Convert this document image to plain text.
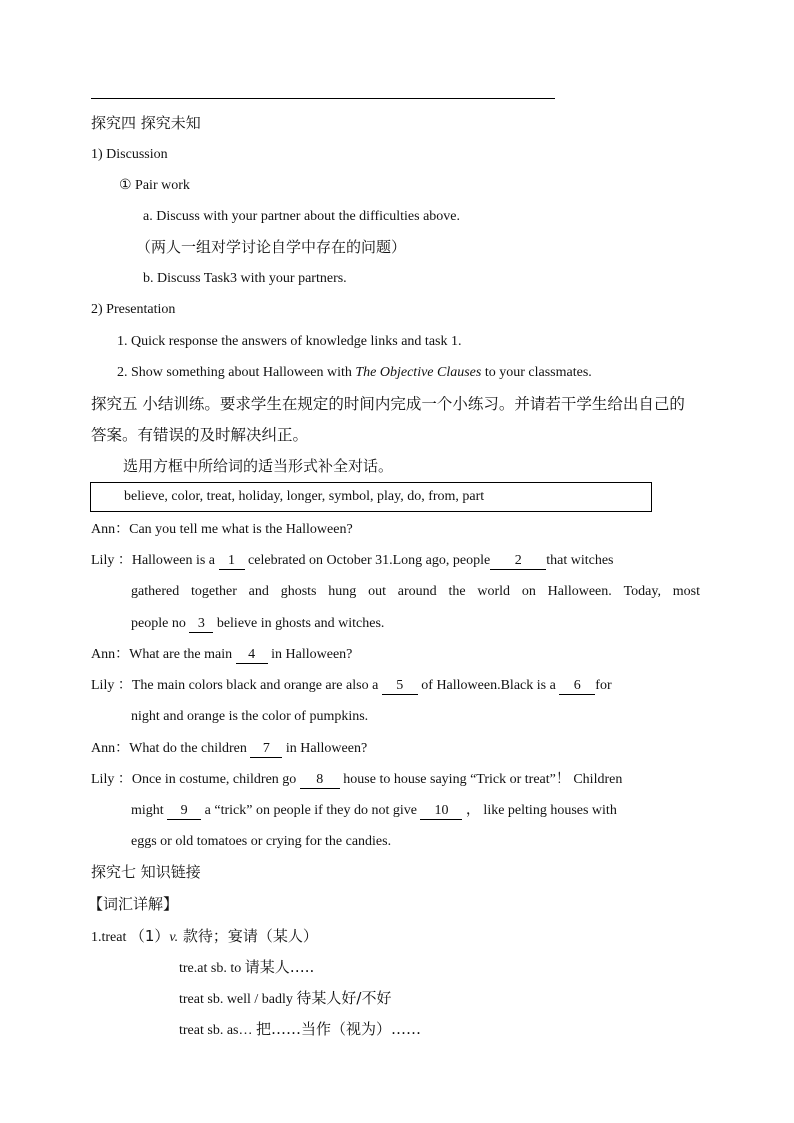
探究四 探究未知
1) Discussion
① Pair work
a. Discuss with your partner about the difficulties above.
（两人一组对学讨论自学中存在的问题）
b. Discuss Task3 with your partners.
2) Presentation
1. Quick response the answers of knowledge links and task 1.
2. Show something about Halloween with The Objective Clauses to your classmates.
探究五 小结训练。要求学生在规定的时间内完成一个小练习。并请若干学生给出自己的
答案。有错误的及时解决纠正。
选用方框中所给词的适当形式补全对话。
believe, color, treat, holiday, longer, symbol, play, do, from, part
Ann：Can you tell me what is the Halloween?
Lily ：Halloween is a 1 celebrated on October 31.Long ago, people 2 that witches
gathered together and ghosts hung out around the world on Halloween. Today, most
people no 3 believe in ghosts and witches.
Ann：What are the main 4 in Halloween?
Lily ：The main colors black and orange are also a 5 of Halloween.Black is a 6 for
night and orange is the color of pumpkins.
Ann：What do the children 7 in Halloween?
Lily ：Once in costume, children go 8 house to house saying “Trick or treat”！ Children
might 9 a “trick” on people if they do not give 10 ， like pelting houses with
eggs or old tomatoes or crying for the candies.
探究七 知识链接
【词汇详解】
1.treat （1）v. 款待；宴请（某人）
tre.at sb. to 请某人…..
treat sb. well / badly 待某人好/不好
treat sb. as… 把……当作（视为）……
